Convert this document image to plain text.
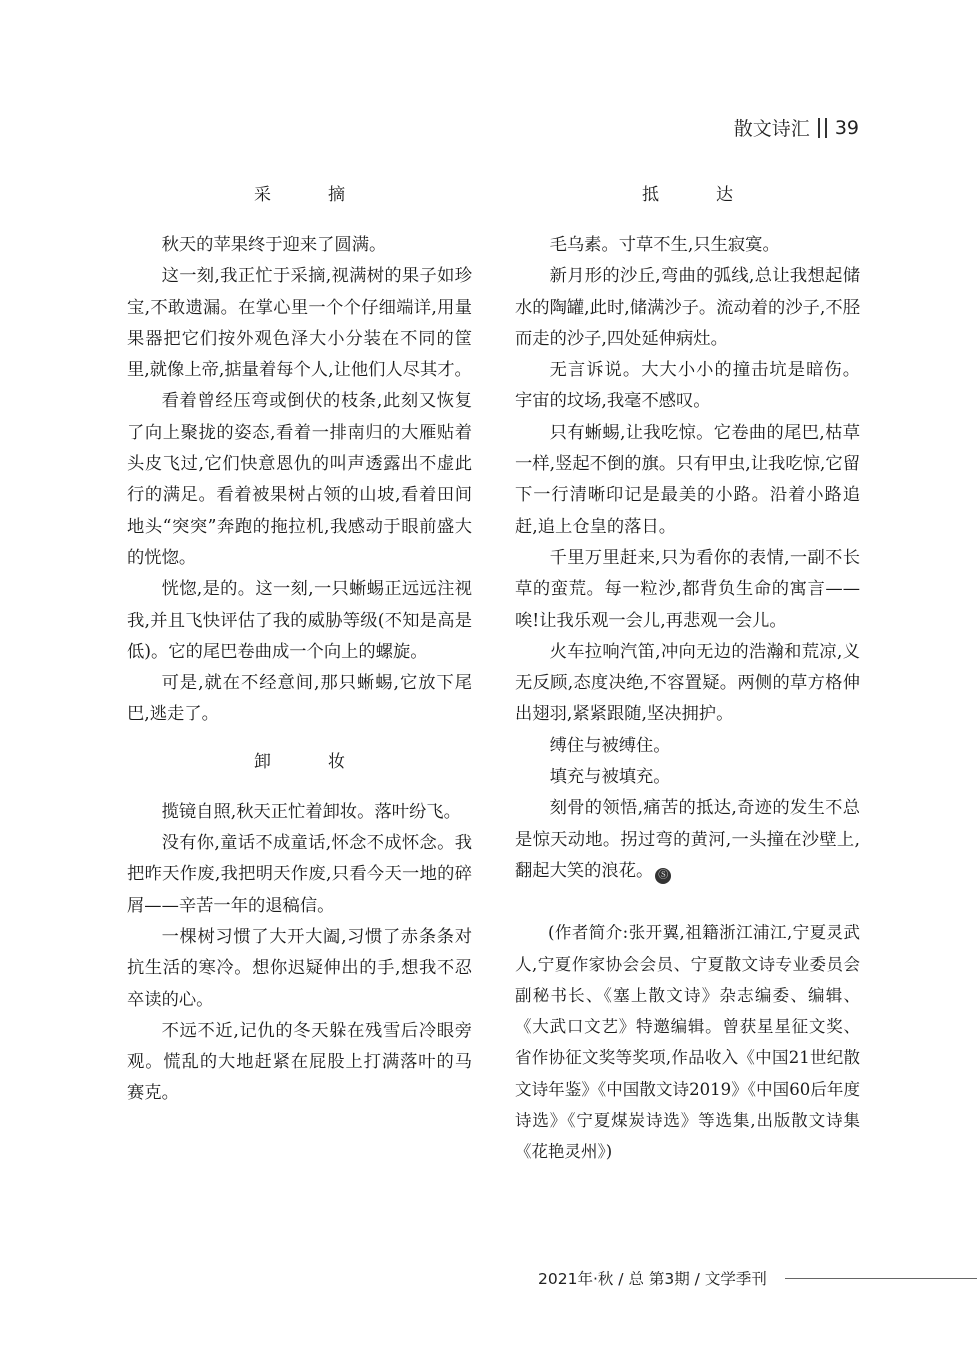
散文诗汇 39
采　摘

秋天的苹果终于迎来了圆满。

这一刻,我正忙于采摘,视满树的果子如珍宝,不敢遗漏。在掌心里一个个仔细端详,用量果器把它们按外观色泽大小分装在不同的筐里,就像上帝,掂量着每个人,让他们人尽其才。

看着曾经压弯或倒伏的枝条,此刻又恢复了向上聚拢的姿态,看着一排南归的大雁贴着头皮飞过,它们快意恩仇的叫声透露出不虚此行的满足。看着被果树占领的山坡,看着田间地头“突突”奔跑的拖拉机,我感动于眼前盛大的恍惚。

恍惚,是的。这一刻,一只蜥蜴正远远注视我,并且飞快评估了我的威胁等级(不知是高是低)。它的尾巴卷曲成一个向上的螺旋。

可是,就在不经意间,那只蜥蜴,它放下尾巴,逃走了。

卸　妆

揽镜自照,秋天正忙着卸妆。落叶纷飞。

没有你,童话不成童话,怀念不成怀念。我把昨天作废,我把明天作废,只看今天一地的碎屑——辛苦一年的退稿信。

一棵树习惯了大开大阖,习惯了赤条条对抗生活的寒冷。想你迟疑伸出的手,想我不忍卒读的心。

不远不近,记仇的冬天躲在残雪后冷眼旁观。慌乱的大地赶紧在屁股上打满落叶的马赛克。

抵　达

毛乌素。寸草不生,只生寂寞。

新月形的沙丘,弯曲的弧线,总让我想起储水的陶罐,此时,储满沙子。流动着的沙子,不胫而走的沙子,四处延伸病灶。

无言诉说。大大小小的撞击坑是暗伤。宇宙的坟场,我毫不感叹。

只有蜥蜴,让我吃惊。它卷曲的尾巴,枯草一样,竖起不倒的旗。只有甲虫,让我吃惊,它留下一行清晰印记是最美的小路。沿着小路追赶,追上仓皇的落日。

千里万里赶来,只为看你的表情,一副不长草的蛮荒。每一粒沙,都背负生命的寓言——唉!让我乐观一会儿,再悲观一会儿。

火车拉响汽笛,冲向无边的浩瀚和荒凉,义无反顾,态度决绝,不容置疑。两侧的草方格伸出翅羽,紧紧跟随,坚决拥护。

缚住与被缚住。

填充与被填充。

刻骨的领悟,痛苦的抵达,奇迹的发生不总是惊天动地。拐过弯的黄河,一头撞在沙壁上,翻起大笑的浪花。 Ⓢ

(作者简介:张开翼,祖籍浙江浦江,宁夏灵武人,宁夏作家协会会员、宁夏散文诗专业委员会副秘书长、《塞上散文诗》杂志编委、编辑、《大武口文艺》特邀编辑。曾获星星征文奖、省作协征文奖等奖项,作品收入《中国21世纪散文诗年鉴》《中国散文诗2019》《中国60后年度诗选》《宁夏煤炭诗选》等选集,出版散文诗集《花艳灵州》)

2021年·秋 / 总 第3期 / 文学季刊
